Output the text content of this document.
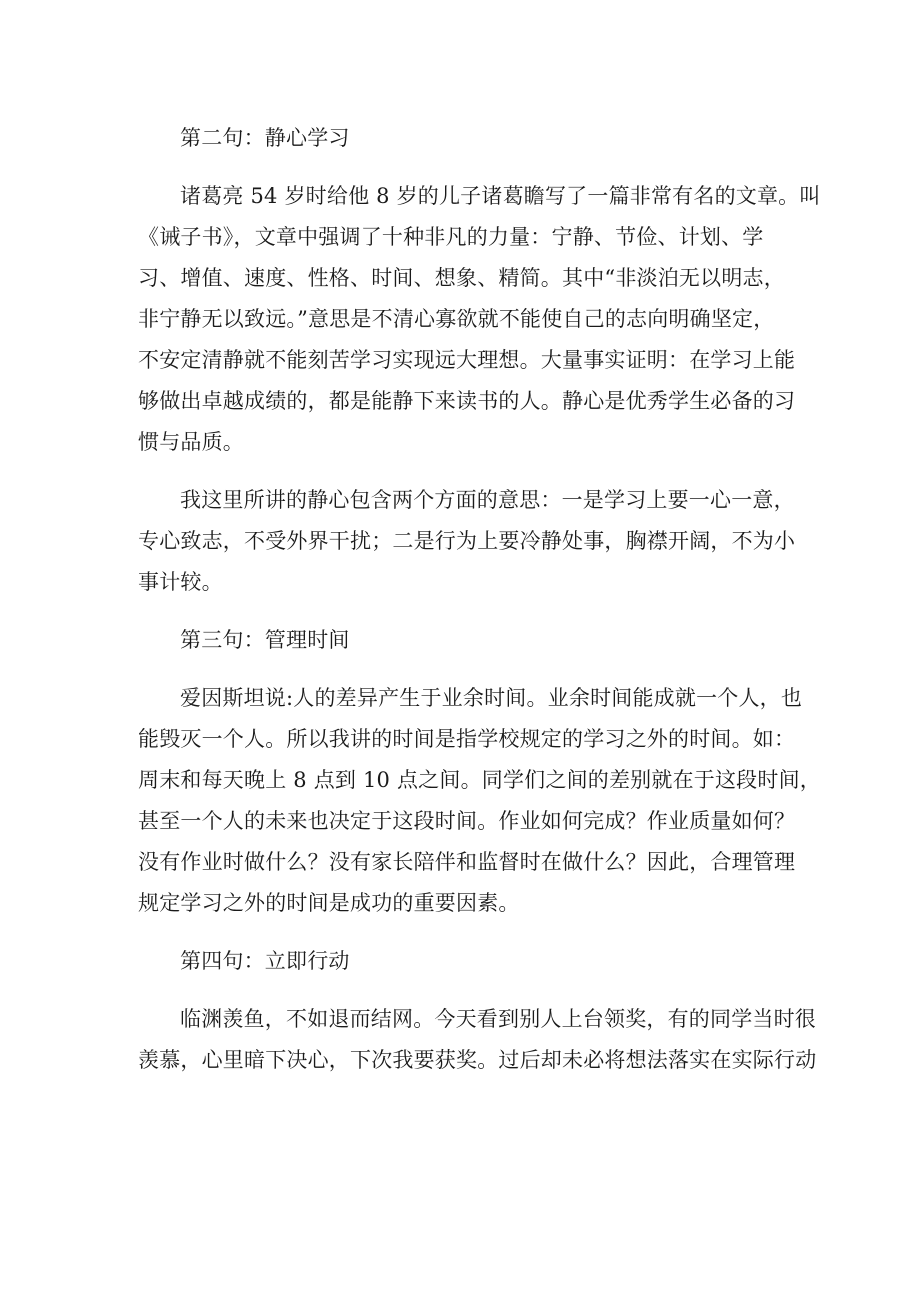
第二句：静心学习
诸葛亮 54 岁时给他 8 岁的儿子诸葛瞻写了一篇非常有名的文章。叫
《诫子书》，文章中强调了十种非凡的力量：宁静、节俭、计划、学
习、增值、速度、性格、时间、想象、精简。其中“非淡泊无以明志，
非宁静无以致远。”意思是不清心寡欲就不能使自己的志向明确坚定，
不安定清静就不能刻苦学习实现远大理想。大量事实证明：在学习上能
够做出卓越成绩的，都是能静下来读书的人。静心是优秀学生必备的习
惯与品质。
我这里所讲的静心包含两个方面的意思：一是学习上要一心一意，
专心致志，不受外界干扰；二是行为上要冷静处事，胸襟开阔，不为小
事计较。
第三句：管理时间
爱因斯坦说:人的差异产生于业余时间。业余时间能成就一个人，也
能毁灭一个人。所以我讲的时间是指学校规定的学习之外的时间。如：
周末和每天晚上 8 点到 10 点之间。同学们之间的差别就在于这段时间，
甚至一个人的未来也决定于这段时间。作业如何完成？作业质量如何？
没有作业时做什么？没有家长陪伴和监督时在做什么？因此，合理管理
规定学习之外的时间是成功的重要因素。
第四句：立即行动
临渊羡鱼，不如退而结网。今天看到别人上台领奖，有的同学当时很
羡慕，心里暗下决心，下次我要获奖。过后却未必将想法落实在实际行动
